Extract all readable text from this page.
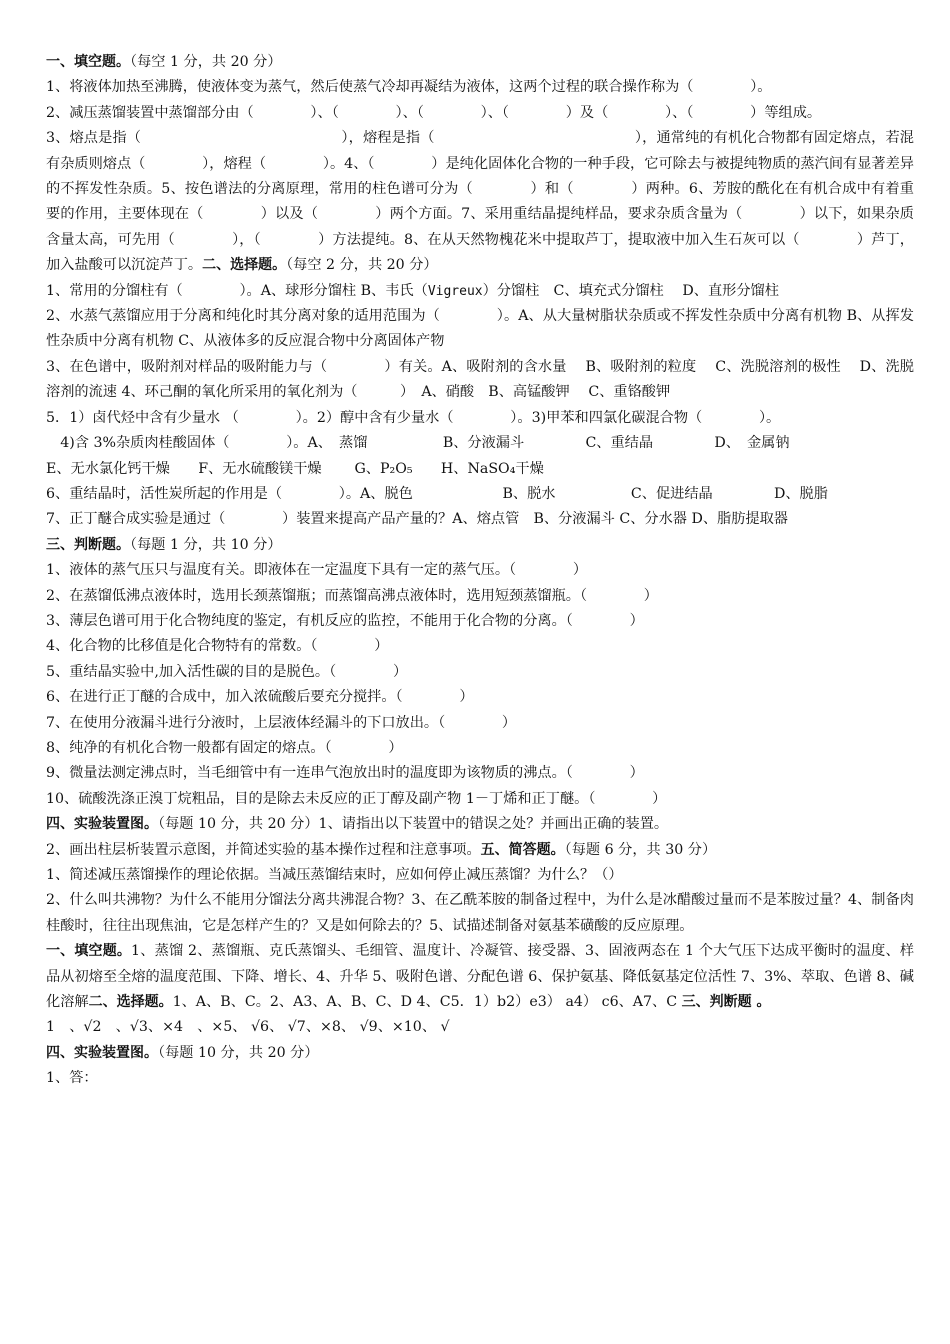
一、填空题。（每空 1 分，共 20 分）

1、将液体加热至沸腾，使液体变为蒸气，然后使蒸气冷却再凝结为液体，这两个过程的联合操作称为（　　　　）。

2、减压蒸馏装置中蒸馏部分由（　　　　）、（　　　　）、（　　　　）、（　　　　）及（　　　　）、（　　　　）等组成。

3、熔点是指（　　　　　　　　　　　　　　），熔程是指（　　　　　　　　　　　　　　），通常纯的有机化合物都有固定熔点，若混有杂质则熔点（　　　　），熔程（　　　　）。4、（　　　　）是纯化固体化合物的一种手段，它可除去与被提纯物质的蒸汽间有显著差异的不挥发性杂质。5、按色谱法的分离原理，常用的柱色谱可分为（　　　　）和（　　　　）两种。6、芳胺的酰化在有机合成中有着重要的作用，主要体现在（　　　　）以及（　　　　）两个方面。7、采用重结晶提纯样品，要求杂质含量为（　　　　）以下，如果杂质含量太高，可先用（　　　　），（　　　　）方法提纯。8、在从天然物槐花米中提取芦丁，提取液中加入生石灰可以（　　　　）芦丁，加入盐酸可以沉淀芦丁。二、选择题。（每空 2 分，共 20 分）

1、常用的分馏柱有（　　　　）。A、球形分馏柱 B、韦氏（Vigreux）分馏柱　C、填充式分馏柱　 D、直形分馏柱

2、水蒸气蒸馏应用于分离和纯化时其分离对象的适用范围为（　　　　）。A、从大量树脂状杂质或不挥发性杂质中分离有机物 B、从挥发性杂质中分离有机物 C、从液体多的反应混合物中分离固体产物

3、在色谱中，吸附剂对样品的吸附能力与（　　　　）有关。A、吸附剂的含水量　 B、吸附剂的粒度　 C、洗脱溶剂的极性　 D、洗脱溶剂的流速 4、环己酮的氧化所采用的氧化剂为（　　　）　A、硝酸　B、高锰酸钾　 C、重铬酸钾

5．1）卤代烃中含有少量水 （　　　　）。2）醇中含有少量水（　　　　）。3)甲苯和四氯化碳混合物（　　　　）。

　4)含 3%杂质肉桂酸固体（　　　　）。A、　蒸馏　　　　　 B、分液漏斗　　　　 C、重结晶　　　　 D、　金属钠

E、无水氯化钙干燥　　F、无水硫酸镁干燥　　 G、P₂O₅　　H、NaSO₄干燥

6、重结晶时，活性炭所起的作用是（　　　　）。A、脱色　　　　　　 B、脱水　　　　　 C、促进结晶　　　　 D、脱脂

7、正丁醚合成实验是通过（　　　　）装置来提高产品产量的？A、熔点管　B、分液漏斗 C、分水器 D、脂肪提取器

三、判断题。（每题 1 分，共 10 分）

1、液体的蒸气压只与温度有关。即液体在一定温度下具有一定的蒸气压。（　　　　）

2、在蒸馏低沸点液体时，选用长颈蒸馏瓶；而蒸馏高沸点液体时，选用短颈蒸馏瓶。（　　　　）

3、薄层色谱可用于化合物纯度的鉴定，有机反应的监控，不能用于化合物的分离。（　　　　）

4、化合物的比移值是化合物特有的常数。（　　　　）

5、重结晶实验中,加入活性碳的目的是脱色。（　　　　）

6、在进行正丁醚的合成中，加入浓硫酸后要充分搅拌。（　　　　）

7、在使用分液漏斗进行分液时，上层液体经漏斗的下口放出。（　　　　）

8、纯净的有机化合物一般都有固定的熔点。（　　　　）

9、微量法测定沸点时，当毛细管中有一连串气泡放出时的温度即为该物质的沸点。（　　　　）

10、硫酸洗涤正溴丁烷粗品，目的是除去未反应的正丁醇及副产物 1－丁烯和正丁醚。（　　　　）

四、实验装置图。（每题 10 分，共 20 分）1、请指出以下装置中的错误之处？并画出正确的装置。

2、画出柱层析装置示意图，并简述实验的基本操作过程和注意事项。五、简答题。（每题 6 分，共 30 分）

1、简述减压蒸馏操作的理论依据。当减压蒸馏结束时，应如何停止减压蒸馏？为什么？（）

2、什么叫共沸物？为什么不能用分馏法分离共沸混合物？3、在乙酰苯胺的制备过程中，为什么是冰醋酸过量而不是苯胺过量？4、制备肉桂酸时，往往出现焦油，它是怎样产生的？又是如何除去的？5、试描述制备对氨基苯磺酸的反应原理。

一、填空题。1、蒸馏 2、蒸馏瓶、克氏蒸馏头、毛细管、温度计、冷凝管、接受器、3、固液两态在 1 个大气压下达成平衡时的温度、样品从初熔至全熔的温度范围、下降、增长、4、升华 5、吸附色谱、分配色谱 6、保护氨基、降低氨基定位活性 7、3%、萃取、色谱 8、碱化溶解二、选择题。1、A、B、C。2、A3、A、B、C、D 4、C5．1）b2）e3） a4） c6、A7、C 三、判断题 。

1　、√2　、√3、×4　、×5、 √6、 √7、×8、 √9、×10、 √

四、实验装置图。（每题 10 分，共 20 分）

1、答：
